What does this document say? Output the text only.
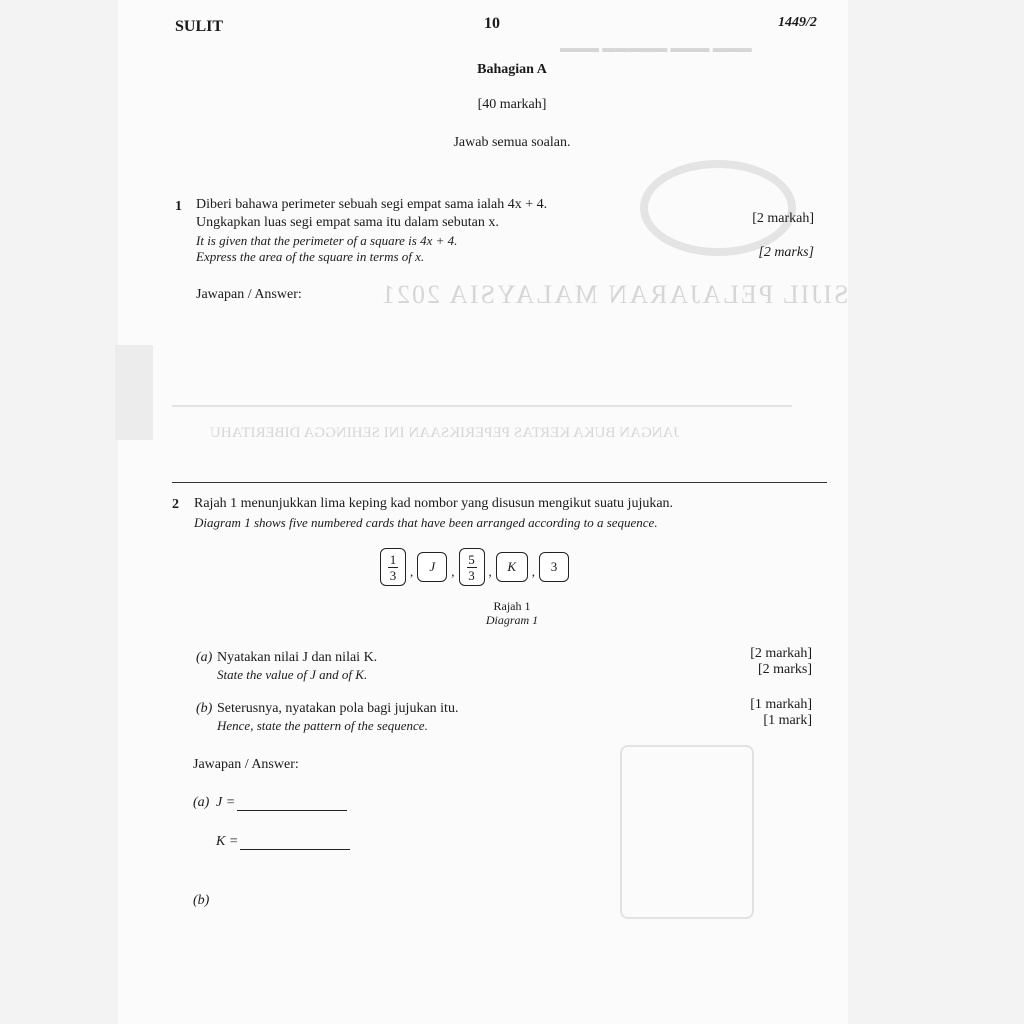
▬▬▬ ▬▬▬▬▬ ▬▬▬ ▬▬▬
SIJIL PELAJARAN MALAYSIA 2021
JANGAN BUKA KERTAS PEPERIKSAAN INI SEHINGGA DIBERITAHU
SULIT	10	1449/2
Bahagian A
[40 markah]
Jawab semua soalan.
1 Diberi bahawa perimeter sebuah segi empat sama ialah 4x + 4.
Ungkapkan luas segi empat sama itu dalam sebutan x.	[2 markah]
It is given that the perimeter of a square is 4x + 4.
Express the area of the square in terms of x.	[2 marks]
Jawapan / Answer:
2 Rajah 1 menunjukkan lima keping kad nombor yang disusun mengikut suatu jujukan.
Diagram 1 shows five numbered cards that have been arranged according to a sequence.
$\frac{1}{3}$ ,	J	, $\frac{5}{3}$ ,	K	,	3
Rajah 1
Diagram 1
(a) Nyatakan nilai J dan nilai K.
State the value of J and of K.
[2 markah]
[2 marks]
(b) Seterusnya, nyatakan pola bagi jujukan itu.
Hence, state the pattern of the sequence.
[1 markah]
[1 mark]
Jawapan / Answer:
(a) J =
K =
(b)
